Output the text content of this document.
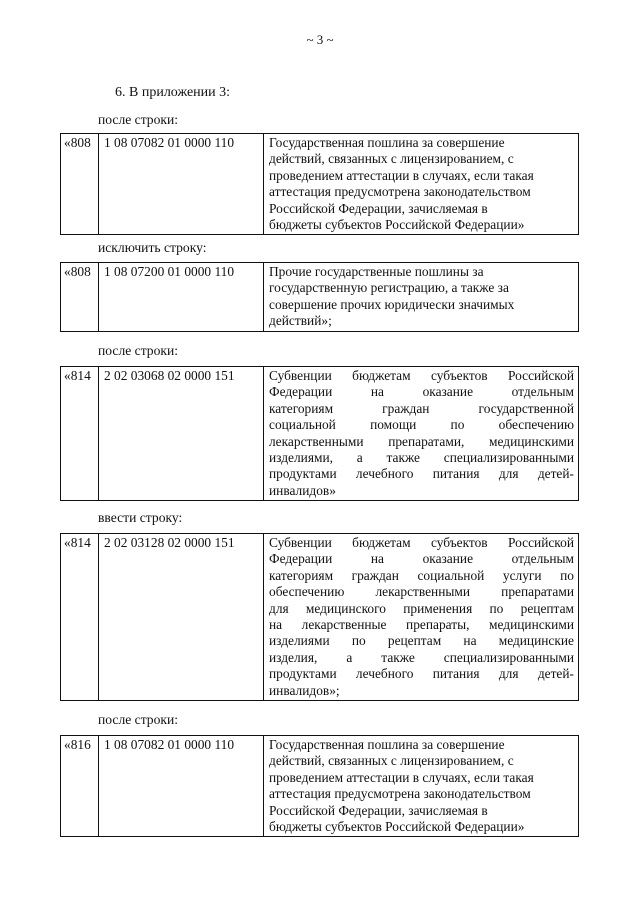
~ 3 ~
6. В приложении 3:
после строки:
«808	1 08 07082 01 0000 110	Государственная пошлина за совершение
действий, связанных с лицензированием, с
проведением аттестации в случаях, если такая
аттестация предусмотрена законодательством
Российской Федерации, зачисляемая в
бюджеты субъектов Российской Федерации»
исключить строку:
«808	1 08 07200 01 0000 110	Прочие государственные пошлины за
государственную регистрацию, а также за
совершение прочих юридически значимых
действий»;
после строки:
«814	2 02 03068 02 0000 151	Субвенции бюджетам субъектов Российской
Федерации на оказание отдельным
категориям граждан государственной
социальной помощи по обеспечению
лекарственными препаратами, медицинскими
изделиями, а также специализированными
продуктами лечебного питания для детей-
инвалидов»
ввести строку:
«814	2 02 03128 02 0000 151	Субвенции бюджетам субъектов Российской
Федерации на оказание отдельным
категориям граждан социальной услуги по
обеспечению лекарственными препаратами
для медицинского применения по рецептам
на лекарственные препараты, медицинскими
изделиями по рецептам на медицинские
изделия, а также специализированными
продуктами лечебного питания для детей-
инвалидов»;
после строки:
«816	1 08 07082 01 0000 110	Государственная пошлина за совершение
действий, связанных с лицензированием, с
проведением аттестации в случаях, если такая
аттестация предусмотрена законодательством
Российской Федерации, зачисляемая в
бюджеты субъектов Российской Федерации»
